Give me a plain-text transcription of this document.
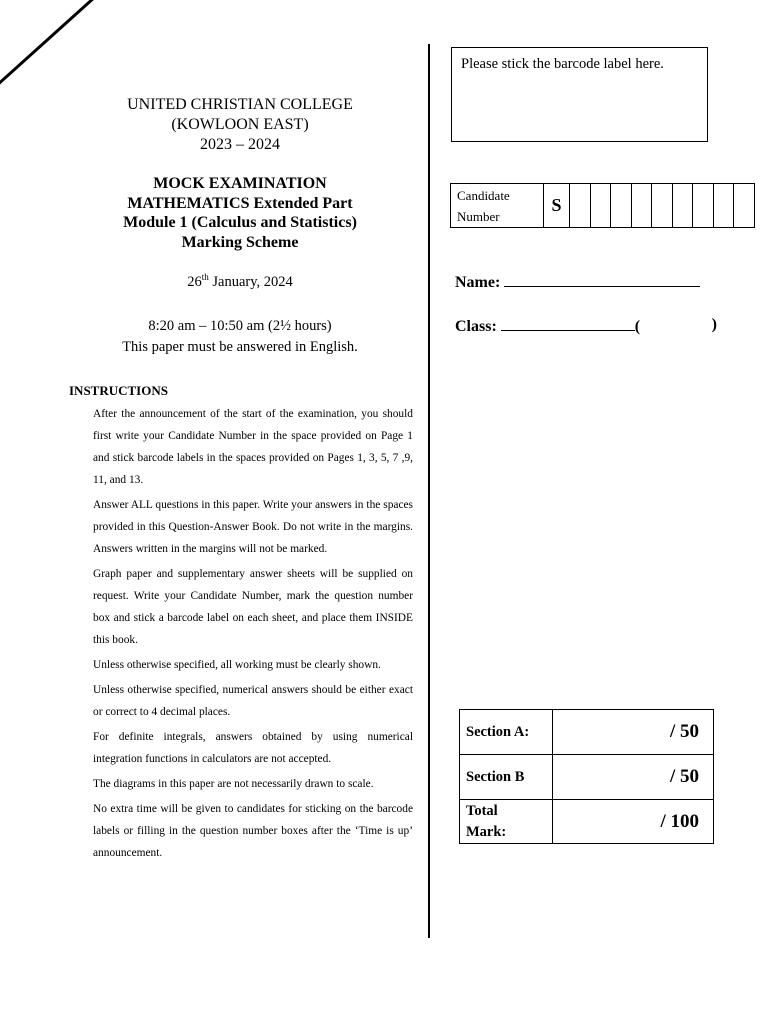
UNITED CHRISTIAN COLLEGE
(KOWLOON EAST)
2023 – 2024
MOCK EXAMINATION
MATHEMATICS Extended Part
Module 1 (Calculus and Statistics)
Marking Scheme
26th January, 2024
8:20 am – 10:50 am (2½ hours)
This paper must be answered in English.
INSTRUCTIONS
After the announcement of the start of the examination, you should first write your Candidate Number in the space provided on Page 1 and stick barcode labels in the spaces provided on Pages 1, 3, 5, 7 ,9, 11, and 13.
Answer ALL questions in this paper. Write your answers in the spaces provided in this Question-Answer Book. Do not write in the margins. Answers written in the margins will not be marked.
Graph paper and supplementary answer sheets will be supplied on request. Write your Candidate Number, mark the question number box and stick a barcode label on each sheet, and place them INSIDE this book.
Unless otherwise specified, all working must be clearly shown.
Unless otherwise specified, numerical answers should be either exact or correct to 4 decimal places.
For definite integrals, answers obtained by using numerical integration functions in calculators are not accepted.
The diagrams in this paper are not necessarily drawn to scale.
No extra time will be given to candidates for sticking on the barcode labels or filling in the question number boxes after the ‘Time is up’ announcement.
Please stick the barcode label here.
Candidate
Number
	S									
Name:
Class:	(	)
Section A:	/ 50
Section B	/ 50

Total
Mark:	/ 100
